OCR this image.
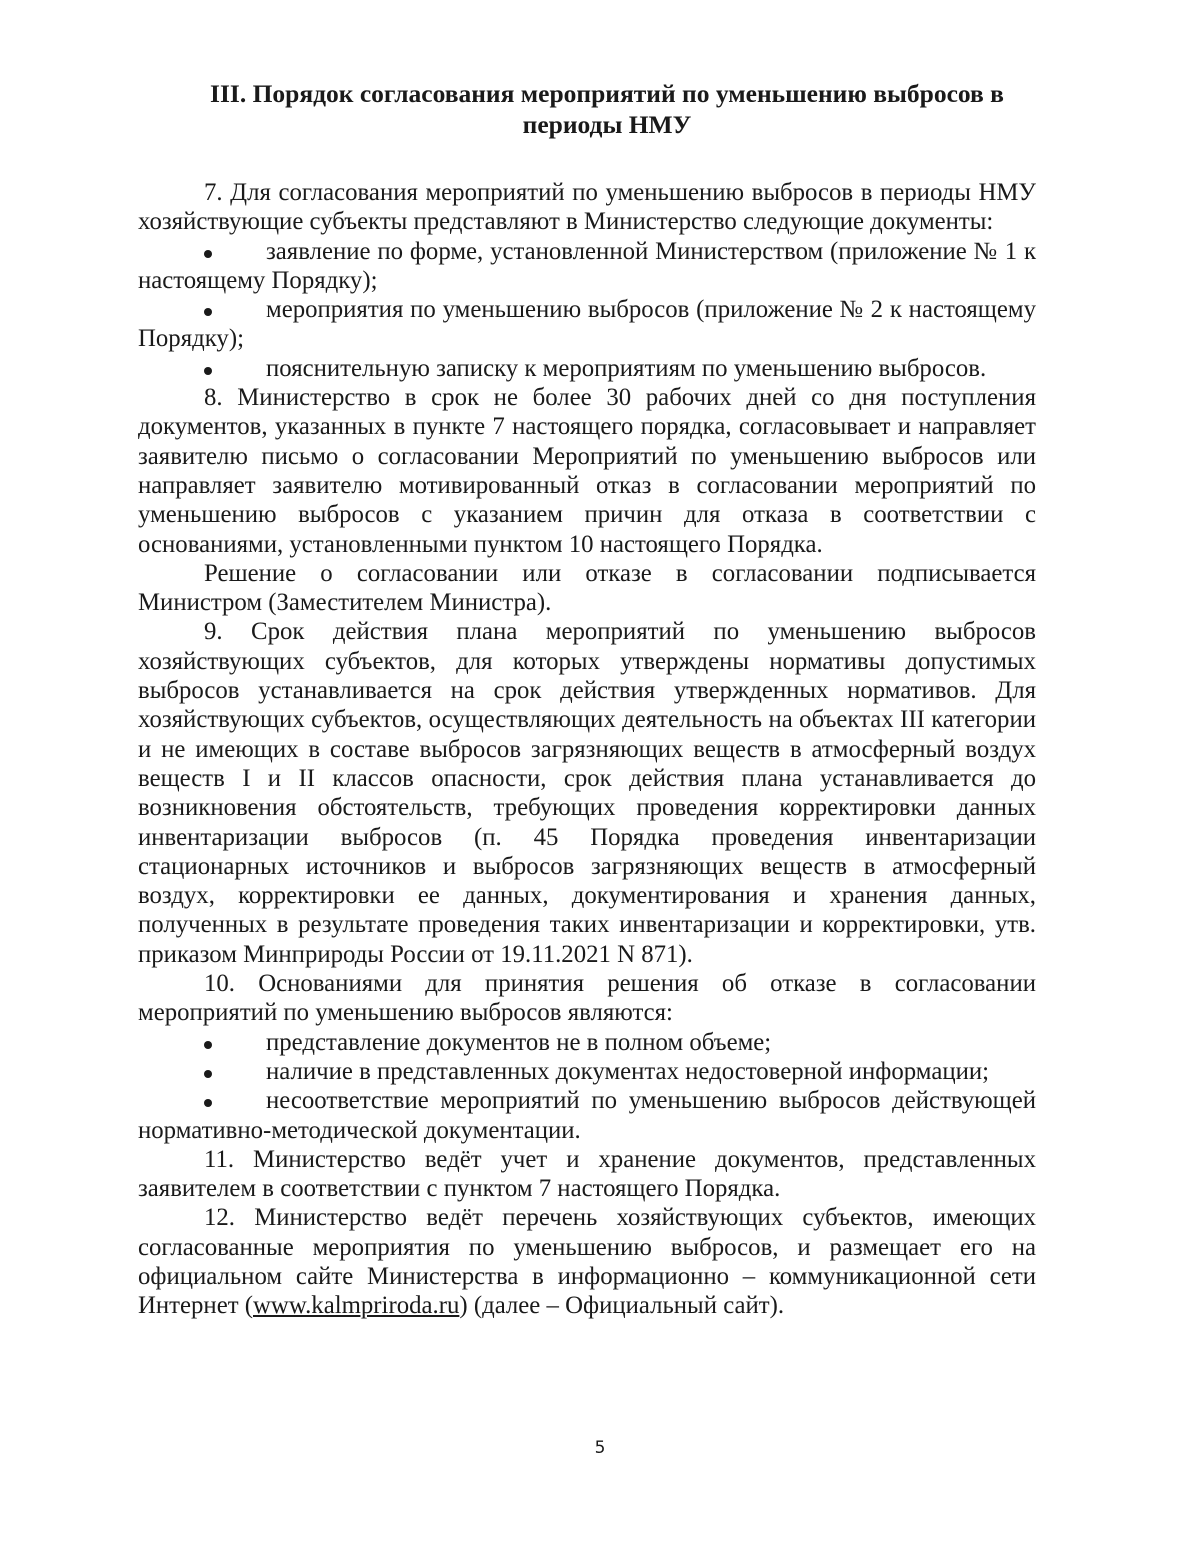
III. Порядок согласования мероприятий по уменьшению выбросов в
периоды НМУ

7. Для согласования мероприятий по уменьшению выбросов в периоды НМУ хозяйствующие субъекты представляют в Министерство следующие документы:

заявление по форме, установленной Министерством (приложение № 1 к настоящему Порядку);
мероприятия по уменьшению выбросов (приложение № 2 к настоящему Порядку);
пояснительную записку к мероприятиям по уменьшению выбросов.

8. Министерство в срок не более 30 рабочих дней со дня поступления документов, указанных в пункте 7 настоящего порядка, согласовывает и направляет заявителю письмо о согласовании Мероприятий по уменьшению выбросов или направляет заявителю мотивированный отказ в согласовании мероприятий по уменьшению выбросов с указанием причин для отказа в соответствии с основаниями, установленными пунктом 10 настоящего Порядка.

Решение о согласовании или отказе в согласовании подписывается Министром (Заместителем Министра).

9. Срок действия плана мероприятий по уменьшению выбросов хозяйствующих субъектов, для которых утверждены нормативы допустимых выбросов устанавливается на срок действия утвержденных нормативов. Для хозяйствующих субъектов, осуществляющих деятельность на объектах III категории и не имеющих в составе выбросов загрязняющих веществ в атмосферный воздух веществ I и II классов опасности, срок действия плана устанавливается до возникновения обстоятельств, требующих проведения корректировки данных инвентаризации выбросов (п. 45 Порядка проведения инвентаризации стационарных источников и выбросов загрязняющих веществ в атмосферный воздух, корректировки ее данных, документирования и хранения данных, полученных в результате проведения таких инвентаризации и корректировки, утв. приказом Минприроды России от 19.11.2021 N 871).

10. Основаниями для принятия решения об отказе в согласовании мероприятий по уменьшению выбросов являются:

представление документов не в полном объеме;
наличие в представленных документах недостоверной информации;
несоответствие мероприятий по уменьшению выбросов действующей нормативно-методической документации.

11. Министерство ведёт учет и хранение документов, представленных заявителем в соответствии с пунктом 7 настоящего Порядка.

12. Министерство ведёт перечень хозяйствующих субъектов, имеющих согласованные мероприятия по уменьшению выбросов, и размещает его на официальном сайте Министерства в информационно – коммуникационной сети Интернет (www.kalmpriroda.ru) (далее – Официальный сайт).

5
